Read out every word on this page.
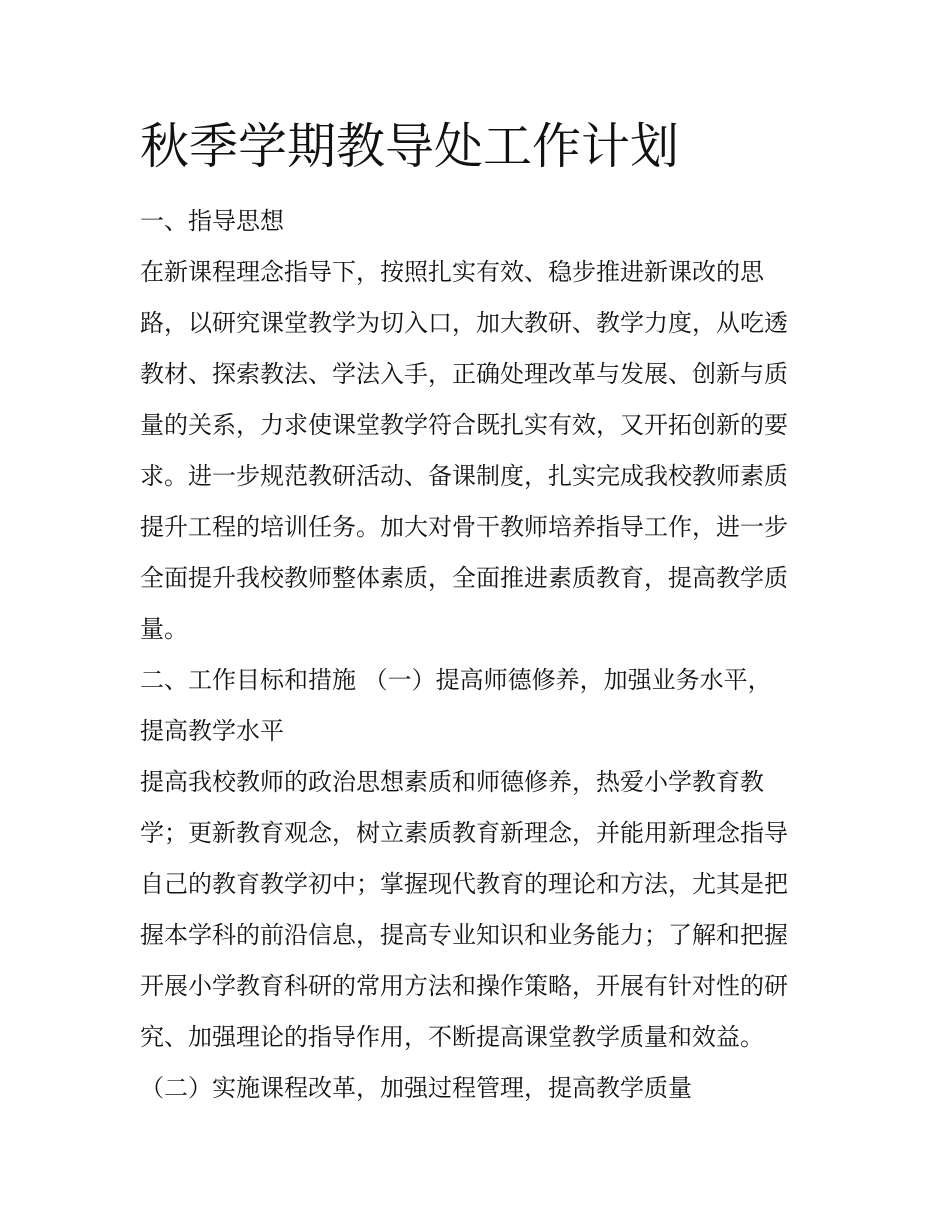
秋季学期教导处工作计划

一、指导思想

在新课程理念指导下，按照扎实有效、稳步推进新课改的思

路，以研究课堂教学为切入口，加大教研、教学力度，从吃透

教材、探索教法、学法入手，正确处理改革与发展、创新与质

量的关系，力求使课堂教学符合既扎实有效，又开拓创新的要

求。进一步规范教研活动、备课制度，扎实完成我校教师素质

提升工程的培训任务。加大对骨干教师培养指导工作，进一步

全面提升我校教师整体素质，全面推进素质教育，提高教学质

量。

二、工作目标和措施 （一）提高师德修养，加强业务水平，

提高教学水平

提高我校教师的政治思想素质和师德修养，热爱小学教育教

学；更新教育观念，树立素质教育新理念，并能用新理念指导

自己的教育教学初中；掌握现代教育的理论和方法，尤其是把

握本学科的前沿信息，提高专业知识和业务能力；了解和把握

开展小学教育科研的常用方法和操作策略，开展有针对性的研

究、加强理论的指导作用，不断提高课堂教学质量和效益。

（二）实施课程改革，加强过程管理，提高教学质量
